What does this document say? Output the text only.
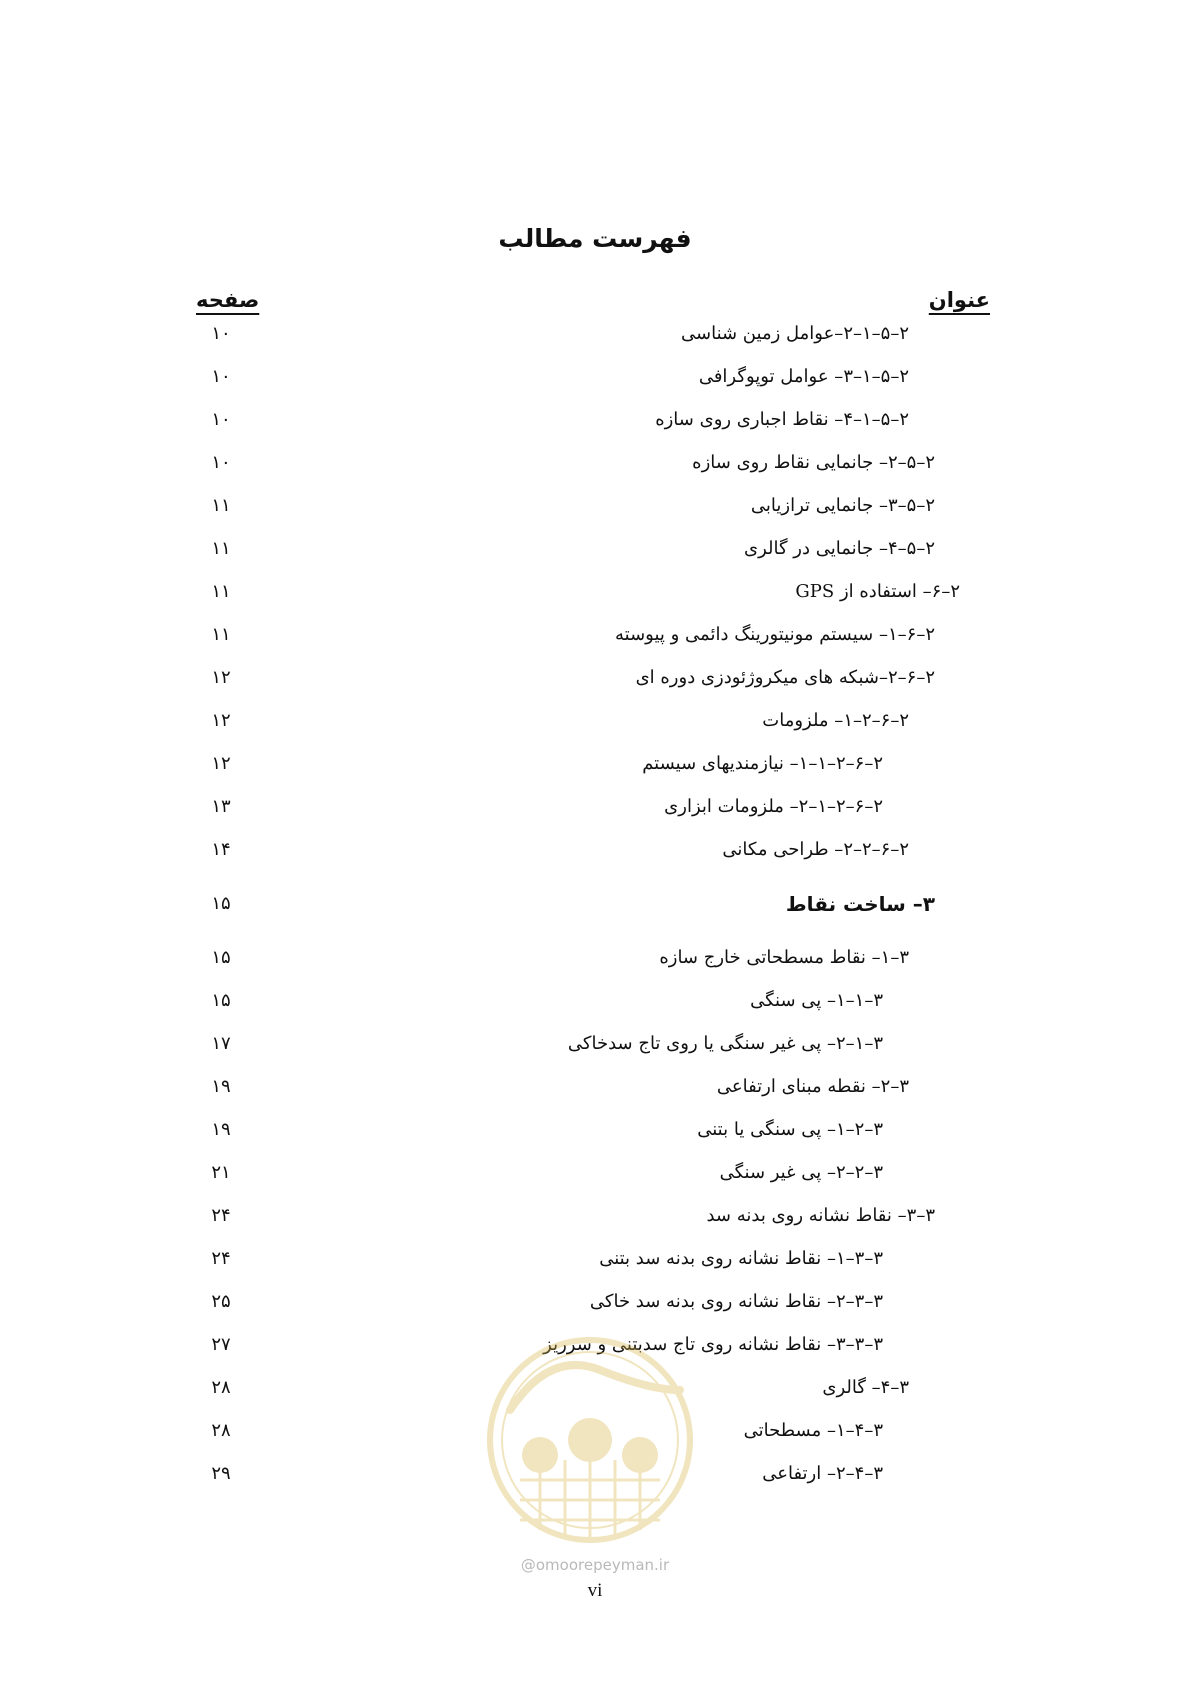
فهرست مطالب
عنوان
صفحه
۲–۵–۱–۲–عوامل زمین شناسی
۱۰
۲–۵–۱–۳– عوامل توپوگرافی
۱۰
۲–۵–۱–۴– نقاط اجباری روی سازه
۱۰
۲–۵–۲– جانمایی نقاط روی سازه
۱۰
۲–۵–۳– جانمایی ترازیابی
۱۱
۲–۵–۴– جانمایی در گالری
۱۱
۲–۶– استفاده از GPS
۱۱
۲–۶–۱– سیستم مونیتورینگ دائمی و پیوسته
۱۱
۲–۶–۲–شبکه های میکروژئودزی دوره ای
۱۲
۲–۶–۲–۱– ملزومات
۱۲
۲–۶–۲–۱–۱– نیازمندیهای سیستم
۱۲
۲–۶–۲–۱–۲– ملزومات ابزاری
۱۳
۲–۶–۲–۲– طراحی مکانی
۱۴
۳– ساخت نقاط
۱۵
۳–۱– نقاط مسطحاتی خارج سازه
۱۵
۳–۱–۱– پی سنگی
۱۵
۳–۱–۲– پی غیر سنگی یا روی تاج سدخاکی
۱۷
۳–۲– نقطه مبنای ارتفاعی
۱۹
۳–۲–۱– پی سنگی یا بتنی
۱۹
۳–۲–۲– پی غیر سنگی
۲۱
۳–۳– نقاط نشانه روی بدنه سد
۲۴
۳–۳–۱– نقاط نشانه روی بدنه سد بتنی
۲۴
۳–۳–۲– نقاط نشانه روی بدنه سد خاکی
۲۵
۳–۳–۳– نقاط نشانه روی تاج سدبتنی و سرریز
۲۷
۳–۴– گالری
۲۸
۳–۴–۱– مسطحاتی
۲۸
۳–۴–۲– ارتفاعی
۲۹
@omoorepeyman.ir
vi
